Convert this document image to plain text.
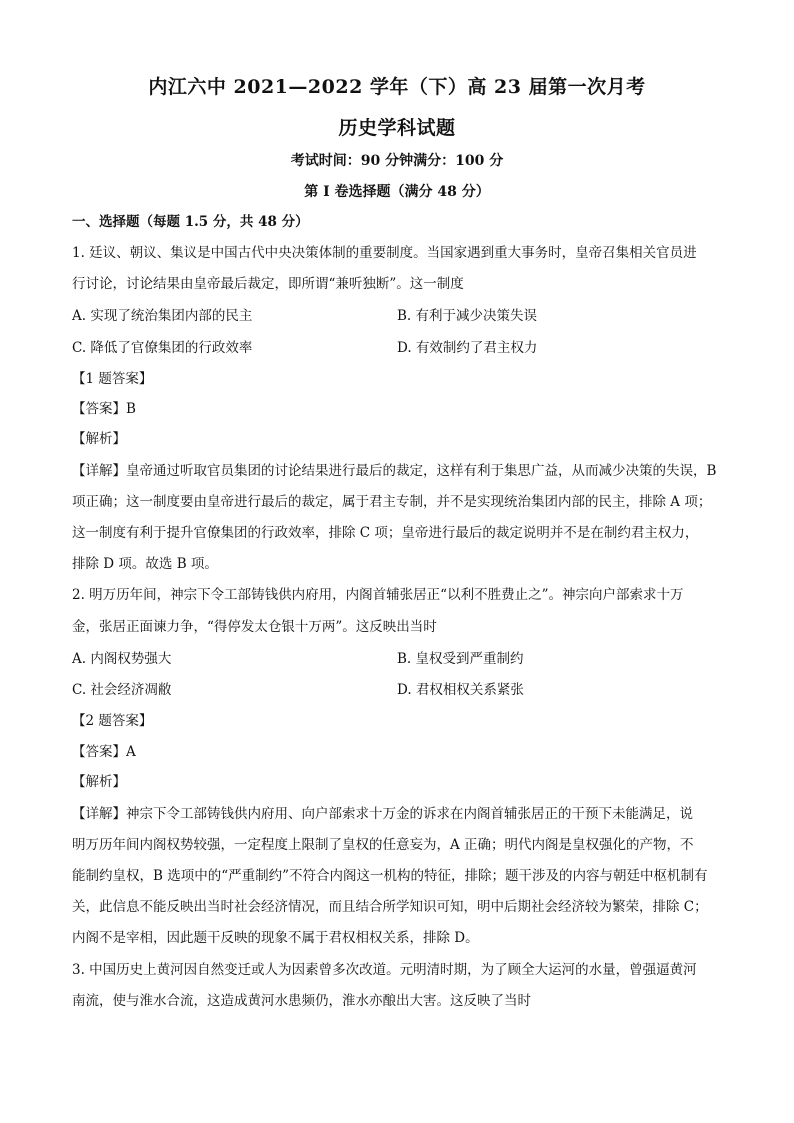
内江六中 2021—2022 学年（下）高 23 届第一次月考
历史学科试题
考试时间：90 分钟满分：100 分
第 I 卷选择题（满分 48 分）
一、选择题（每题 1.5 分，共 48 分）
1. 廷议、朝议、集议是中国古代中央决策体制的重要制度。当国家遇到重大事务时，皇帝召集相关官员进
行讨论，讨论结果由皇帝最后裁定，即所谓“兼听独断”。这一制度
A. 实现了统治集团内部的民主	B. 有利于减少决策失误
C. 降低了官僚集团的行政效率	D. 有效制约了君主权力
【1 题答案】
【答案】B
【解析】
【详解】皇帝通过听取官员集团的讨论结果进行最后的裁定，这样有利于集思广益，从而减少决策的失误，B
项正确；这一制度要由皇帝进行最后的裁定，属于君主专制，并不是实现统治集团内部的民主，排除 A 项；
这一制度有利于提升官僚集团的行政效率，排除 C 项；皇帝进行最后的裁定说明并不是在制约君主权力，
排除 D 项。故选 B 项。
2. 明万历年间，神宗下令工部铸钱供内府用，内阁首辅张居正“以利不胜费止之”。神宗向户部索求十万
金，张居正面谏力争，“得停发太仓银十万两”。这反映出当时
A. 内阁权势强大	B. 皇权受到严重制约
C. 社会经济凋敝	D. 君权相权关系紧张
【2 题答案】
【答案】A
【解析】
【详解】神宗下令工部铸钱供内府用、向户部索求十万金的诉求在内阁首辅张居正的干预下未能满足，说
明万历年间内阁权势较强，一定程度上限制了皇权的任意妄为，A 正确；明代内阁是皇权强化的产物，不
能制约皇权，B 选项中的“严重制约”不符合内阁这一机构的特征，排除；题干涉及的内容与朝廷中枢机制有
关，此信息不能反映出当时社会经济情况，而且结合所学知识可知，明中后期社会经济较为繁荣，排除 C；
内阁不是宰相，因此题干反映的现象不属于君权相权关系，排除 D。
3. 中国历史上黄河因自然变迁或人为因素曾多次改道。元明清时期，为了顾全大运河的水量，曾强逼黄河
南流，使与淮水合流，这造成黄河水患频仍，淮水亦酿出大害。这反映了当时
